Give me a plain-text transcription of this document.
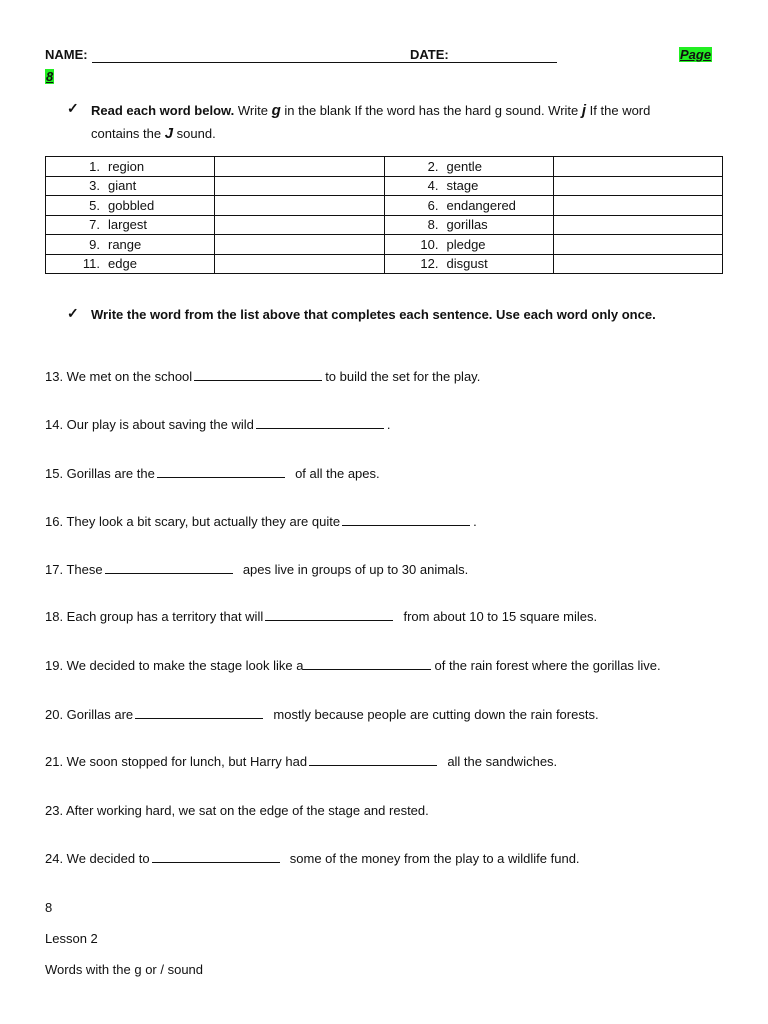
NAME:	DATE:	Page
8
✓ Read each word below. Write g in the blank If the word has the hard g sound. Write j If the word
contains the J sound.
1. region		2. gentle	
3. giant		4. stage	
5. gobbled		6. endangered	
7. largest		8. gorillas	
9. range		10. pledge	
11. edge		12. disgust	
✓ Write the word from the list above that completes each sentence. Use each word only once.
13. We met on the school	to build the set for the play.
14. Our play is about saving the wild	.
15. Gorillas are the	of all the apes.
16. They look a bit scary, but actually they are quite	.
17. These	apes live in groups of up to 30 animals.
18. Each group has a territory that will	from about 10 to 15 square miles.
19. We decided to make the stage look like a	of the rain forest where the gorillas live.
20. Gorillas are	mostly because people are cutting down the rain forests.
21. We soon stopped for lunch, but Harry had	all the sandwiches.
23. After working hard, we sat on the edge of the stage and rested.
24. We decided to	some of the money from the play to a wildlife fund.
8
Lesson 2
Words with the g or / sound
